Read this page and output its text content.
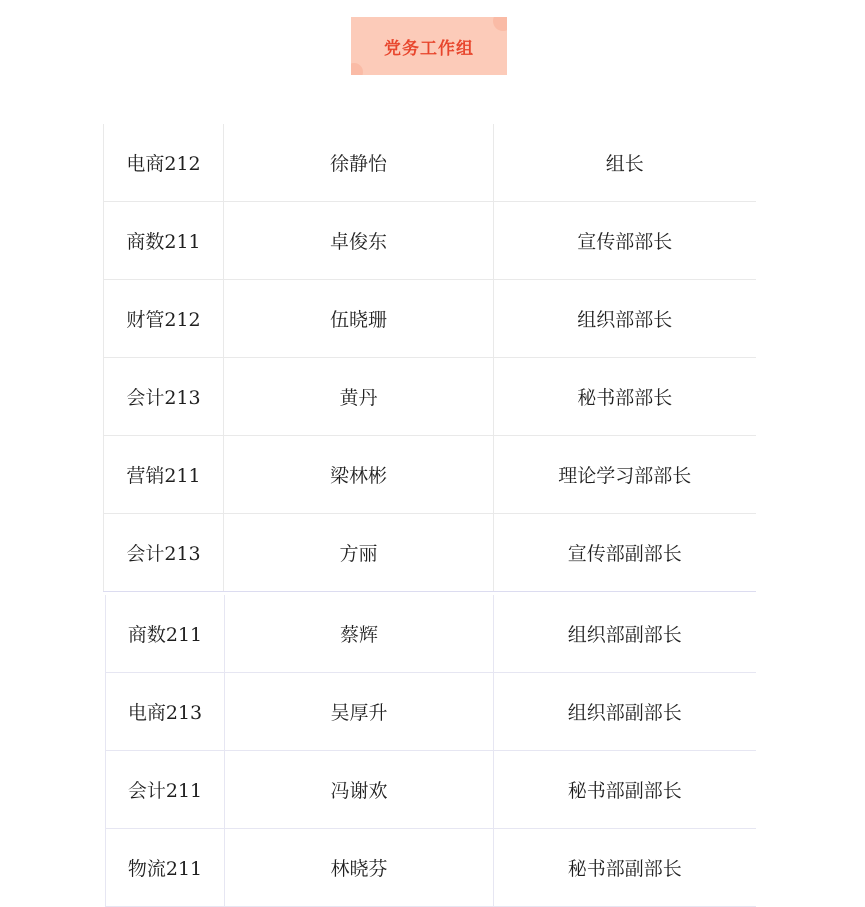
党务工作组
电商212	徐静怡	组长
商数211	卓俊东	宣传部部长
财管212	伍晓珊	组织部部长
会计213	黄丹	秘书部部长
营销211	梁林彬	理论学习部部长
会计213	方丽	宣传部副部长
商数211	蔡辉	组织部副部长
电商213	吴厚升	组织部副部长
会计211	冯谢欢	秘书部副部长
物流211	林晓芬	秘书部副部长
